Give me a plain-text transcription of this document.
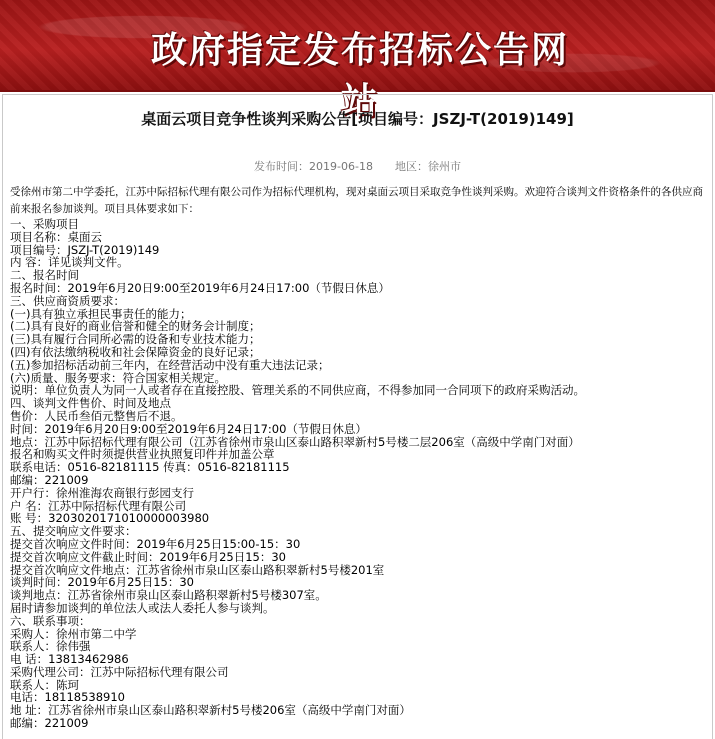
政府指定发布招标公告网站
桌面云项目竞争性谈判采购公告[项目编号：JSZJ-T(2019)149]
发布时间：2019-06-18 地区：徐州市
受徐州市第二中学委托，江苏中际招标代理有限公司作为招标代理机构，现对桌面云项目采取竞争性谈判采购。欢迎符合谈判文件资格条件的各供应商前来报名参加谈判。项目具体要求如下：
一、采购项目
项目名称：桌面云
项目编号：JSZJ-T(2019)149
内 容：详见谈判文件。
二、报名时间
报名时间：2019年6月20日9:00至2019年6月24日17:00（节假日休息）
三、供应商资质要求：
(一)具有独立承担民事责任的能力；
(二)具有良好的商业信誉和健全的财务会计制度；
(三)具有履行合同所必需的设备和专业技术能力；
(四)有依法缴纳税收和社会保障资金的良好记录；
(五)参加招标活动前三年内，在经营活动中没有重大违法记录；
(六)质量、服务要求：符合国家相关规定。
说明：单位负责人为同一人或者存在直接控股、管理关系的不同供应商，不得参加同一合同项下的政府采购活动。
四、谈判文件售价、时间及地点
售价：人民币叁佰元整售后不退。
时间：2019年6月20日9:00至2019年6月24日17:00（节假日休息）
地点：江苏中际招标代理有限公司（江苏省徐州市泉山区泰山路积翠新村5号楼二层206室（高级中学南门对面）
报名和购买文件时须提供营业执照复印件并加盖公章
联系电话：0516-82181115 传真：0516-82181115
邮编：221009
开户行：徐州淮海农商银行彭园支行
户 名：江苏中际招标代理有限公司
账 号：3203020171010000003980
五、提交响应文件要求：
提交首次响应文件时间：2019年6月25日15:00-15：30
提交首次响应文件截止时间：2019年6月25日15：30
提交首次响应文件地点：江苏省徐州市泉山区泰山路积翠新村5号楼201室
谈判时间：2019年6月25日15：30
谈判地点：江苏省徐州市泉山区泰山路积翠新村5号楼307室。
届时请参加谈判的单位法人或法人委托人参与谈判。
六、联系事项：
采购人：徐州市第二中学
联系人：徐伟强
电 话：13813462986
采购代理公司：江苏中际招标代理有限公司
联系人：陈珂
电话：18118538910
地 址：江苏省徐州市泉山区泰山路积翠新村5号楼206室（高级中学南门对面）
邮编：221009
